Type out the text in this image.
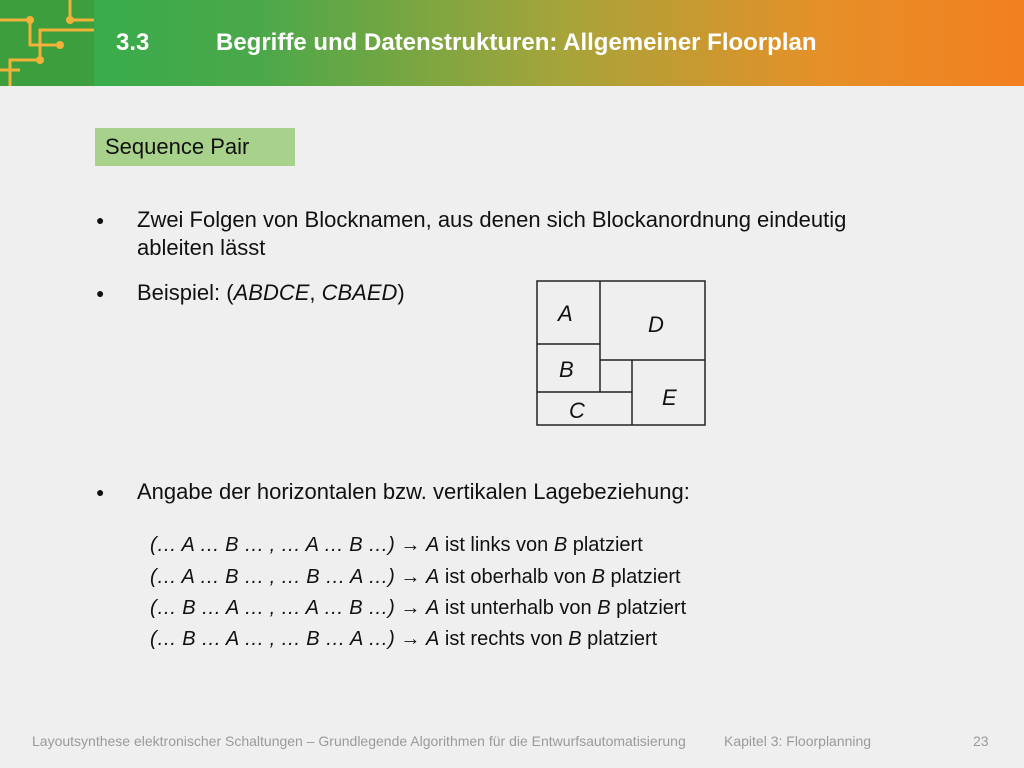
3.3	Begriffe und Datenstrukturen: Allgemeiner Floorplan
Sequence Pair
●	Zwei Folgen von Blocknamen, aus denen sich Blockanordnung eindeutig
ableiten lässt
●	Beispiel: (ABDCE, CBAED)
A	D
B
E
C
●	Angabe der horizontalen bzw. vertikalen Lagebeziehung:
(… A … B … , … A … B …) → A ist links von B platziert
(… A … B … , … B … A …) → A ist oberhalb von B platziert
(… B … A … , … A … B …) → A ist unterhalb von B platziert
(… B … A … , … B … A …) → A ist rechts von B platziert
Layoutsynthese elektronischer Schaltungen – Grundlegende Algorithmen für die Entwurfsautomatisierung	Kapitel 3: Floorplanning	23
